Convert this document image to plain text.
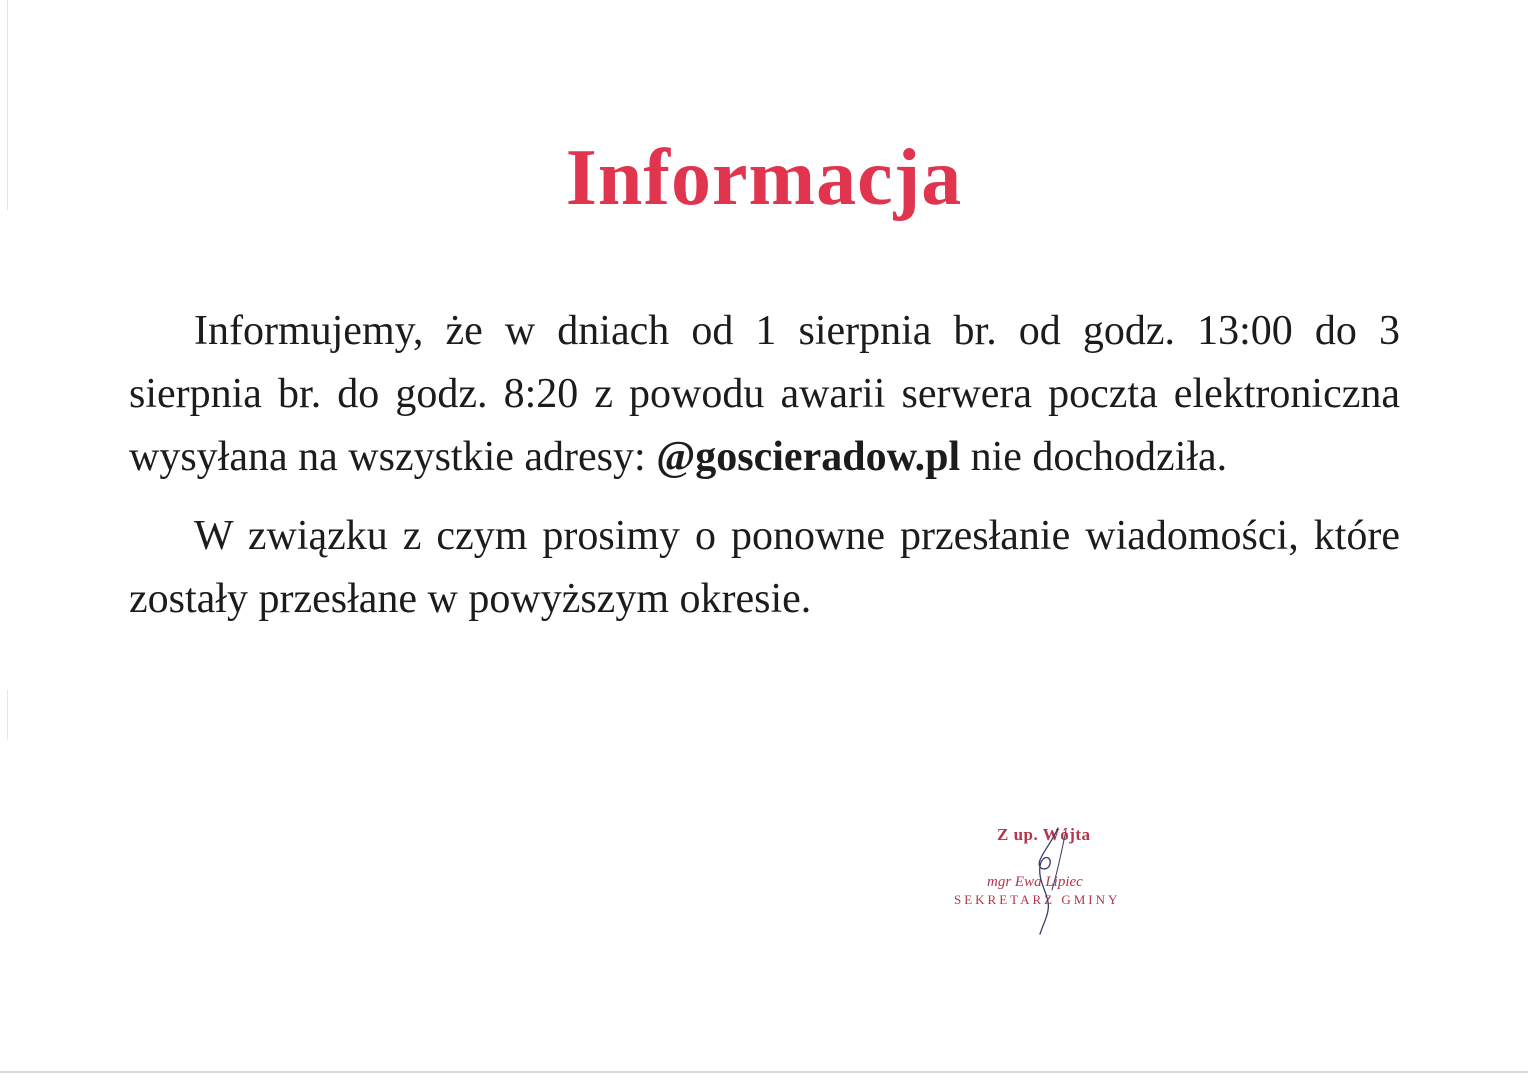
Informacja

Informujemy, że w dniach od 1 sierpnia br. od godz. 13:00 do 3 sierpnia br. do godz. 8:20 z powodu awarii serwera poczta elektroniczna wysyłana na wszystkie adresy: @goscieradow.pl nie dochodziła.

W związku z czym prosimy o ponowne przesłanie wiadomości, które zostały przesłane w powyższym okresie.

Z up. Wójta
mgr Ewa Lipiec
SEKRETARZ GMINY
